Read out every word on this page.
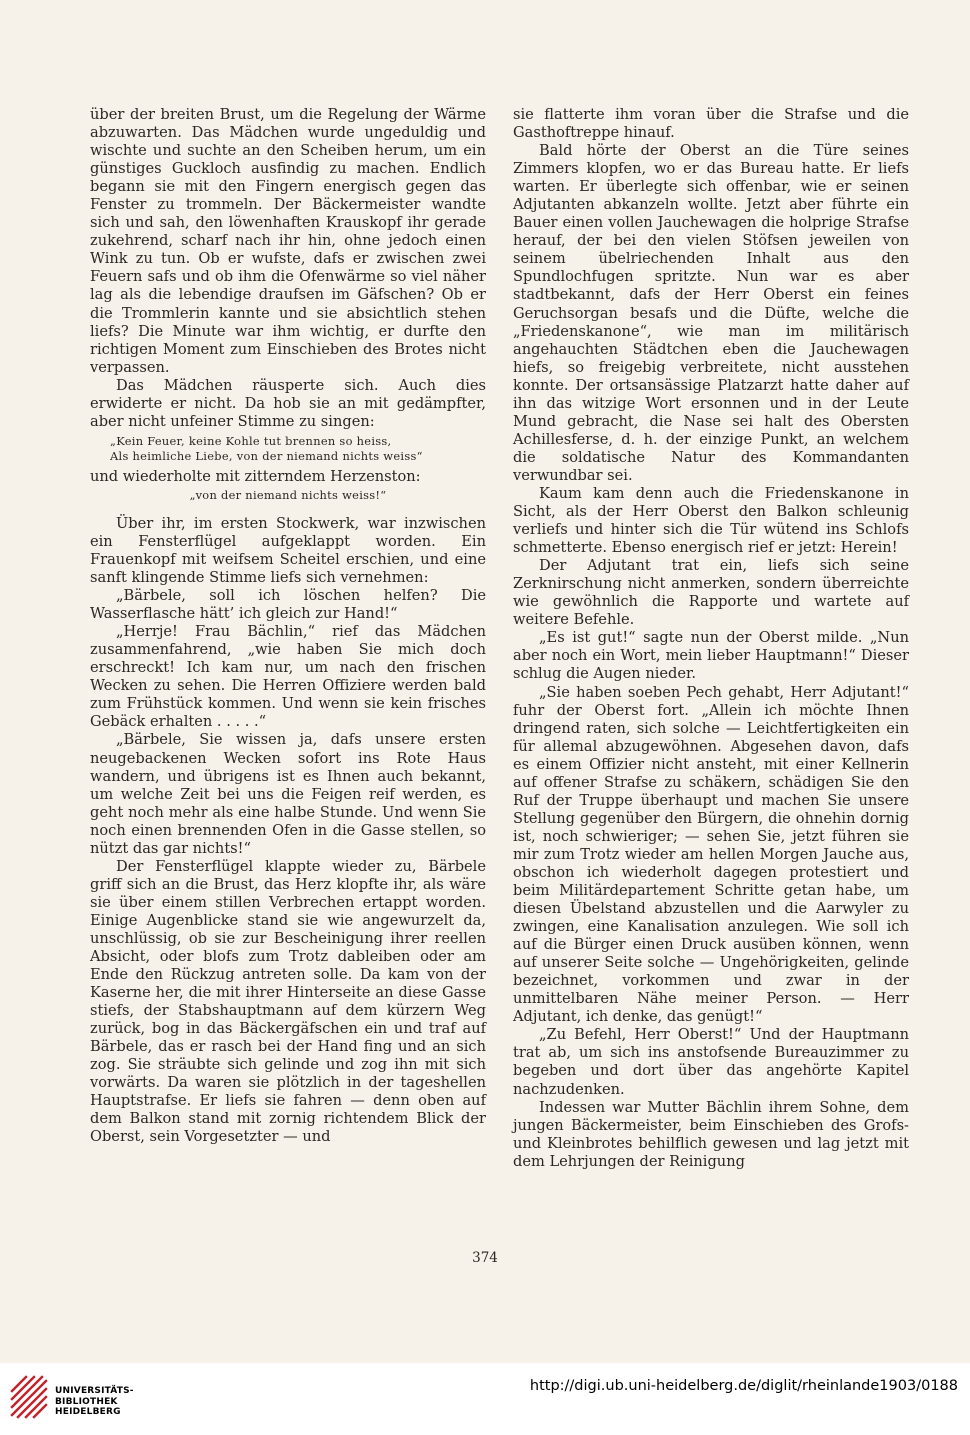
über der breiten Brust, um die Regelung der Wärme abzuwarten. Das Mädchen wurde ungeduldig und wischte und suchte an den Scheiben herum, um ein günstiges Guckloch ausfindig zu machen. Endlich begann sie mit den Fingern energisch gegen das Fenster zu trommeln. Der Bäckermeister wandte sich und sah, den löwenhaften Krauskopf ihr gerade zukehrend, scharf nach ihr hin, ohne jedoch einen Wink zu tun. Ob er wufste, dafs er zwischen zwei Feuern safs und ob ihm die Ofenwärme so viel näher lag als die lebendige draufsen im Gäfschen? Ob er die Trommlerin kannte und sie absichtlich stehen liefs? Die Minute war ihm wichtig, er durfte den richtigen Moment zum Einschieben des Brotes nicht verpassen.

Das Mädchen räusperte sich. Auch dies erwiderte er nicht. Da hob sie an mit gedämpfter, aber nicht unfeiner Stimme zu singen:

„Kein Feuer, keine Kohle tut brennen so heiss,
Als heimliche Liebe, von der niemand nichts weiss“

und wiederholte mit zitterndem Herzenston:

„von der niemand nichts weiss!“

Über ihr, im ersten Stockwerk, war inzwischen ein Fensterflügel aufgeklappt worden. Ein Frauenkopf mit weifsem Scheitel erschien, und eine sanft klingende Stimme liefs sich vernehmen:

„Bärbele, soll ich löschen helfen? Die Wasserflasche hätt’ ich gleich zur Hand!“

„Herrje! Frau Bächlin,“ rief das Mädchen zusammenfahrend, „wie haben Sie mich doch erschreckt! Ich kam nur, um nach den frischen Wecken zu sehen. Die Herren Offiziere werden bald zum Frühstück kommen. Und wenn sie kein frisches Gebäck erhalten . . . . .“

„Bärbele, Sie wissen ja, dafs unsere ersten neugebackenen Wecken sofort ins Rote Haus wandern, und übrigens ist es Ihnen auch bekannt, um welche Zeit bei uns die Feigen reif werden, es geht noch mehr als eine halbe Stunde. Und wenn Sie noch einen brennenden Ofen in die Gasse stellen, so nützt das gar nichts!“

Der Fensterflügel klappte wieder zu, Bärbele griff sich an die Brust, das Herz klopfte ihr, als wäre sie über einem stillen Verbrechen ertappt worden. Einige Augenblicke stand sie wie angewurzelt da, unschlüssig, ob sie zur Bescheinigung ihrer reellen Absicht, oder blofs zum Trotz dableiben oder am Ende den Rückzug antreten solle. Da kam von der Kaserne her, die mit ihrer Hinterseite an diese Gasse stiefs, der Stabshauptmann auf dem kürzern Weg zurück, bog in das Bäckergäfschen ein und traf auf Bärbele, das er rasch bei der Hand fing und an sich zog. Sie sträubte sich gelinde und zog ihn mit sich vorwärts. Da waren sie plötzlich in der tageshellen Hauptstrafse. Er liefs sie fahren — denn oben auf dem Balkon stand mit zornig richtendem Blick der Oberst, sein Vorgesetzter — und

sie flatterte ihm voran über die Strafse und die Gasthoftreppe hinauf.

Bald hörte der Oberst an die Türe seines Zimmers klopfen, wo er das Bureau hatte. Er liefs warten. Er überlegte sich offenbar, wie er seinen Adjutanten abkanzeln wollte. Jetzt aber führte ein Bauer einen vollen Jauchewagen die holprige Strafse herauf, der bei den vielen Stöfsen jeweilen von seinem übelriechenden Inhalt aus den Spundlochfugen spritzte. Nun war es aber stadtbekannt, dafs der Herr Oberst ein feines Geruchsorgan besafs und die Düfte, welche die „Friedenskanone“, wie man im militärisch angehauchten Städtchen eben die Jauchewagen hiefs, so freigebig verbreitete, nicht ausstehen konnte. Der ortsansässige Platzarzt hatte daher auf ihn das witzige Wort ersonnen und in der Leute Mund gebracht, die Nase sei halt des Obersten Achillesferse, d. h. der einzige Punkt, an welchem die soldatische Natur des Kommandanten verwundbar sei.

Kaum kam denn auch die Friedenskanone in Sicht, als der Herr Oberst den Balkon schleunig verliefs und hinter sich die Tür wütend ins Schlofs schmetterte. Ebenso energisch rief er jetzt: Herein!

Der Adjutant trat ein, liefs sich seine Zerknirschung nicht anmerken, sondern überreichte wie gewöhnlich die Rapporte und wartete auf weitere Befehle.

„Es ist gut!“ sagte nun der Oberst milde. „Nun aber noch ein Wort, mein lieber Hauptmann!“ Dieser schlug die Augen nieder.

„Sie haben soeben Pech gehabt, Herr Adjutant!“ fuhr der Oberst fort. „Allein ich möchte Ihnen dringend raten, sich solche — Leichtfertigkeiten ein für allemal abzugewöhnen. Abgesehen davon, dafs es einem Offizier nicht ansteht, mit einer Kellnerin auf offener Strafse zu schäkern, schädigen Sie den Ruf der Truppe überhaupt und machen Sie unsere Stellung gegenüber den Bürgern, die ohnehin dornig ist, noch schwieriger; — sehen Sie, jetzt führen sie mir zum Trotz wieder am hellen Morgen Jauche aus, obschon ich wiederholt dagegen protestiert und beim Militärdepartement Schritte getan habe, um diesen Übelstand abzustellen und die Aarwyler zu zwingen, eine Kanalisation anzulegen. Wie soll ich auf die Bürger einen Druck ausüben können, wenn auf unserer Seite solche — Ungehörigkeiten, gelinde bezeichnet, vorkommen und zwar in der unmittelbaren Nähe meiner Person. — Herr Adjutant, ich denke, das genügt!“

„Zu Befehl, Herr Oberst!“ Und der Hauptmann trat ab, um sich ins anstofsende Bureauzimmer zu begeben und dort über das angehörte Kapitel nachzudenken.

Indessen war Mutter Bächlin ihrem Sohne, dem jungen Bäckermeister, beim Einschieben des Grofs- und Kleinbrotes behilflich gewesen und lag jetzt mit dem Lehrjungen der Reinigung

374
UNIVERSITÄTS-
BIBLIOTHEK
HEIDELBERG
http://digi.ub.uni-heidelberg.de/diglit/rheinlande1903/0188
